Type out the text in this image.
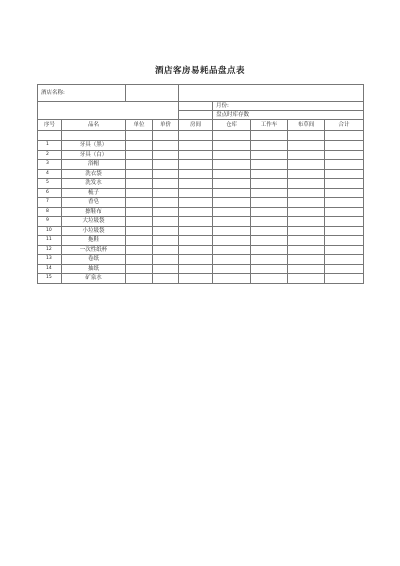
酒店客房易耗品盘点表
酒店名称:								
					月份:			
					盘点时库存数			
序号	品名	单位	单价	房间	仓库	工作车	布草间	合计

1	牙具（黑）							
2	牙具（白）							
3	浴帽							
4	洗衣袋							
5	洗发水							
6	梳子							
7	香皂							
8	擦鞋布							
9	大垃圾袋							
10	小垃圾袋							
11	拖鞋							
12	一次性纸杯							
13	卷纸							
14	抽纸							
15	矿泉水							
